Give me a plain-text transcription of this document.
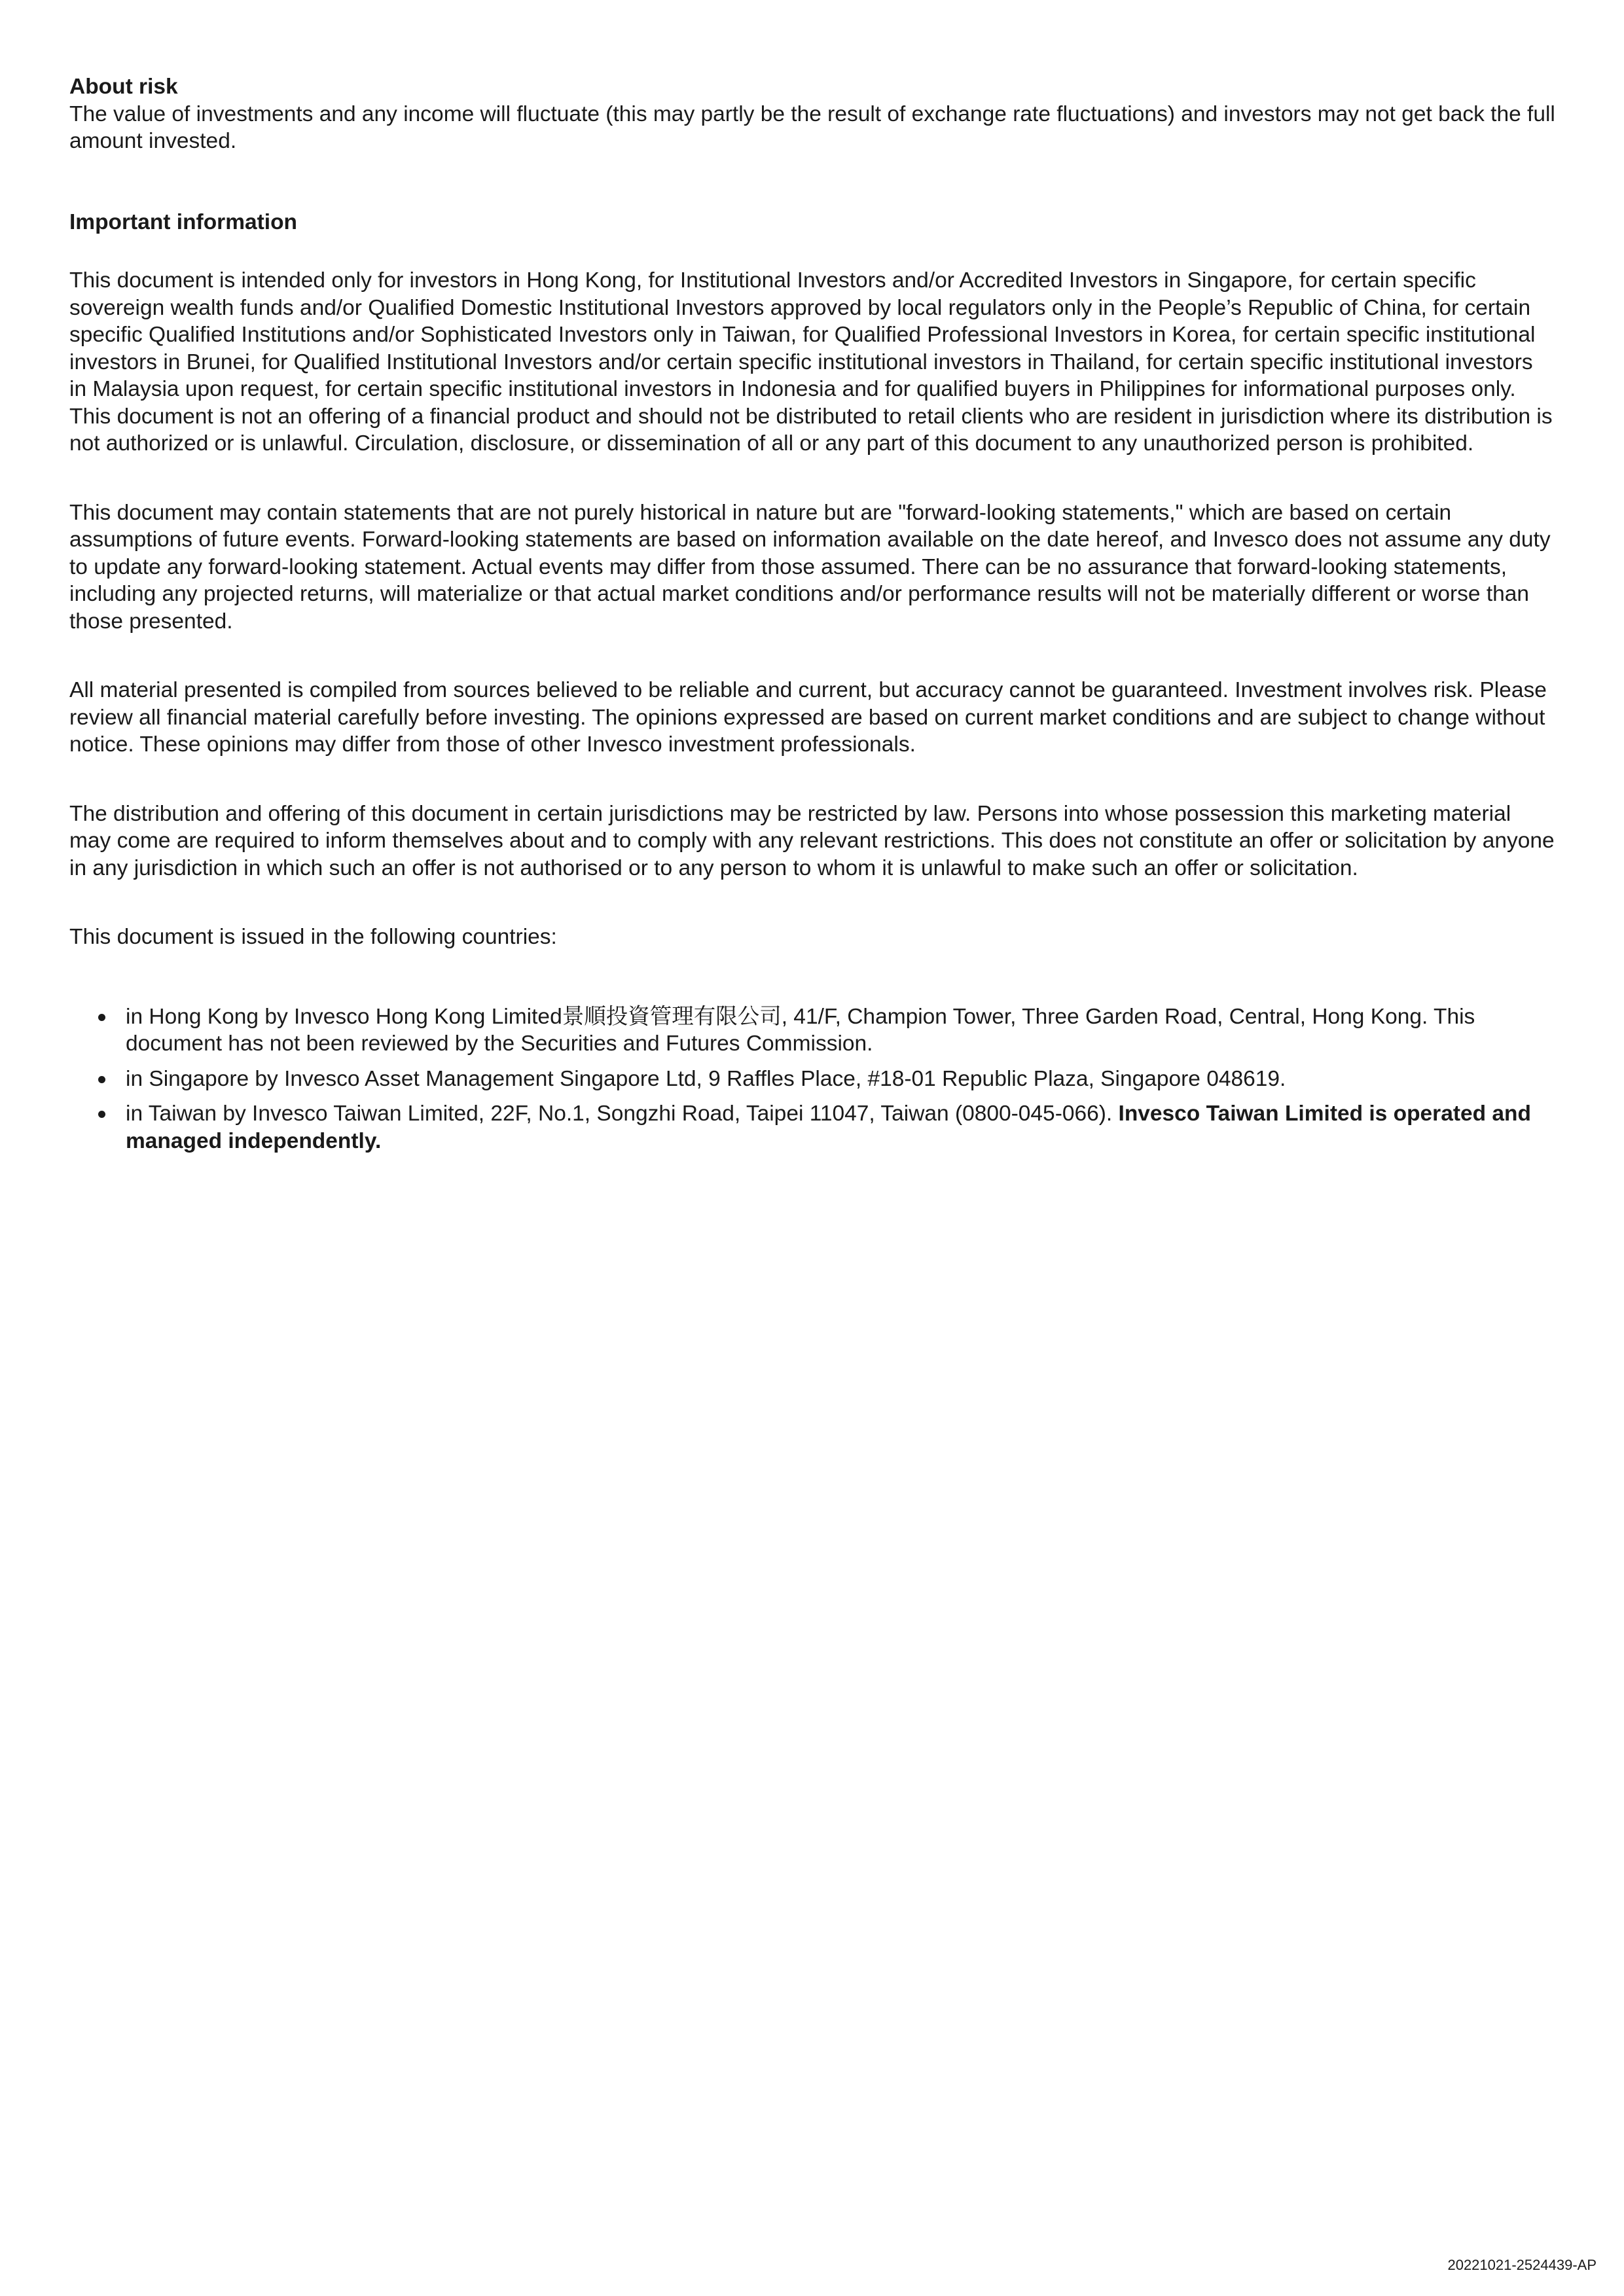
About risk

The value of investments and any income will fluctuate (this may partly be the result of exchange rate fluctuations) and investors may not get back the full amount invested.

Important information

This document is intended only for investors in Hong Kong, for Institutional Investors and/or Accredited Investors in Singapore, for certain specific sovereign wealth funds and/or Qualified Domestic Institutional Investors approved by local regulators only in the People’s Republic of China, for certain specific Qualified Institutions and/or Sophisticated Investors only in Taiwan, for Qualified Professional Investors in Korea, for certain specific institutional investors in Brunei, for Qualified Institutional Investors and/or certain specific institutional investors in Thailand, for certain specific institutional investors in Malaysia upon request, for certain specific institutional investors in Indonesia and for qualified buyers in Philippines for informational purposes only. This document is not an offering of a financial product and should not be distributed to retail clients who are resident in jurisdiction where its distribution is not authorized or is unlawful. Circulation, disclosure, or dissemination of all or any part of this document to any unauthorized person is prohibited.

This document may contain statements that are not purely historical in nature but are "forward-looking statements," which are based on certain assumptions of future events. Forward-looking statements are based on information available on the date hereof, and Invesco does not assume any duty to update any forward-looking statement. Actual events may differ from those assumed. There can be no assurance that forward-looking statements, including any projected returns, will materialize or that actual market conditions and/or performance results will not be materially different or worse than those presented.

All material presented is compiled from sources believed to be reliable and current, but accuracy cannot be guaranteed. Investment involves risk. Please review all financial material carefully before investing. The opinions expressed are based on current market conditions and are subject to change without notice. These opinions may differ from those of other Invesco investment professionals.

The distribution and offering of this document in certain jurisdictions may be restricted by law. Persons into whose possession this marketing material may come are required to inform themselves about and to comply with any relevant restrictions. This does not constitute an offer or solicitation by anyone in any jurisdiction in which such an offer is not authorised or to any person to whom it is unlawful to make such an offer or solicitation.

This document is issued in the following countries:

in Hong Kong by Invesco Hong Kong Limited景順投資管理有限公司, 41/F, Champion Tower, Three Garden Road, Central, Hong Kong. This document has not been reviewed by the Securities and Futures Commission.
in Singapore by Invesco Asset Management Singapore Ltd, 9 Raffles Place, #18-01 Republic Plaza, Singapore 048619.
in Taiwan by Invesco Taiwan Limited, 22F, No.1, Songzhi Road, Taipei 11047, Taiwan (0800-045-066). Invesco Taiwan Limited is operated and managed independently.
20221021-2524439-AP
